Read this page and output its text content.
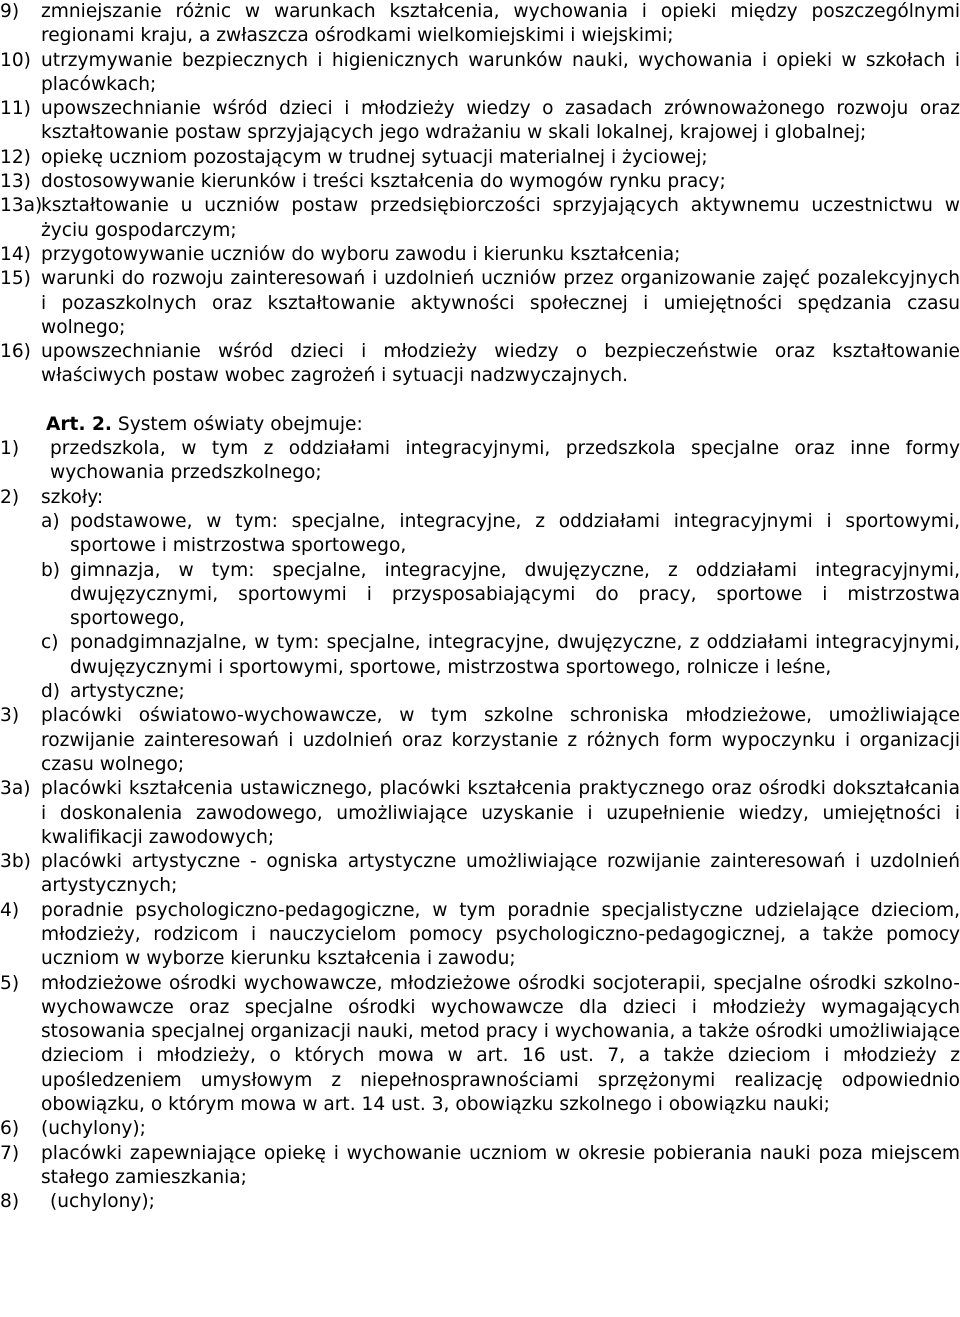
9) zmniejszanie różnic w warunkach kształcenia, wychowania i opieki między poszczególnymi regionami kraju, a zwłaszcza ośrodkami wielkomiejskimi i wiejskimi;
10) utrzymywanie bezpiecznych i higienicznych warunków nauki, wychowania i opieki w szkołach i placówkach;
11) upowszechnianie wśród dzieci i młodzieży wiedzy o zasadach zrównoważonego rozwoju oraz kształtowanie postaw sprzyjających jego wdrażaniu w skali lokalnej, krajowej i globalnej;
12) opiekę uczniom pozostającym w trudnej sytuacji materialnej i życiowej;
13) dostosowywanie kierunków i treści kształcenia do wymogów rynku pracy;
13a)
kształtowanie u uczniów postaw przedsiębiorczości sprzyjających aktywnemu uczestnictwu w życiu gospodarczym;
14) przygotowywanie uczniów do wyboru zawodu i kierunku kształcenia;
15) warunki do rozwoju zainteresowań i uzdolnień uczniów przez organizowanie zajęć pozalekcyjnych i pozaszkolnych oraz kształtowanie aktywności społecznej i umiejętności spędzania czasu wolnego;
16) upowszechnianie wśród dzieci i młodzieży wiedzy o bezpieczeństwie oraz kształtowanie właściwych postaw wobec zagrożeń i sytuacji nadzwyczajnych.
Art. 2. System oświaty obejmuje:
1) przedszkola, w tym z oddziałami integracyjnymi, przedszkola specjalne oraz inne formy wychowania przedszkolnego;
2) szkoły:
a) podstawowe, w tym: specjalne, integracyjne, z oddziałami integracyjnymi i sportowymi, sportowe i mistrzostwa sportowego,
b) gimnazja, w tym: specjalne, integracyjne, dwujęzyczne, z oddziałami integracyjnymi, dwujęzycznymi, sportowymi i przysposabiającymi do pracy, sportowe i mistrzostwa sportowego,
c) ponadgimnazjalne, w tym: specjalne, integracyjne, dwujęzyczne, z oddziałami integracyjnymi, dwujęzycznymi i sportowymi, sportowe, mistrzostwa sportowego, rolnicze i leśne,
d) artystyczne;
3) placówki oświatowo-wychowawcze, w tym szkolne schroniska młodzieżowe, umożliwiające rozwijanie zainteresowań i uzdolnień oraz korzystanie z różnych form wypoczynku i organizacji czasu wolnego;
3a) placówki kształcenia ustawicznego, placówki kształcenia praktycznego oraz ośrodki dokształcania i doskonalenia zawodowego, umożliwiające uzyskanie i uzupełnienie wiedzy, umiejętności i kwalifikacji zawodowych;
3b) placówki artystyczne - ogniska artystyczne umożliwiające rozwijanie zainteresowań i uzdolnień artystycznych;
4) poradnie psychologiczno-pedagogiczne, w tym poradnie specjalistyczne udzielające dzieciom, młodzieży, rodzicom i nauczycielom pomocy psychologiczno-pedagogicznej, a także pomocy uczniom w wyborze kierunku kształcenia i zawodu;
5) młodzieżowe ośrodki wychowawcze, młodzieżowe ośrodki socjoterapii, specjalne ośrodki szkolno-wychowawcze oraz specjalne ośrodki wychowawcze dla dzieci i młodzieży wymagających stosowania specjalnej organizacji nauki, metod pracy i wychowania, a także ośrodki umożliwiające dzieciom i młodzieży, o których mowa w art. 16 ust. 7, a także dzieciom i młodzieży z upośledzeniem umysłowym z niepełnosprawnościami sprzężonymi realizację odpowiednio obowiązku, o którym mowa w art. 14 ust. 3, obowiązku szkolnego i obowiązku nauki;
6) (uchylony);
7) placówki zapewniające opiekę i wychowanie uczniom w okresie pobierania nauki poza miejscem stałego zamieszkania;
8) (uchylony);
